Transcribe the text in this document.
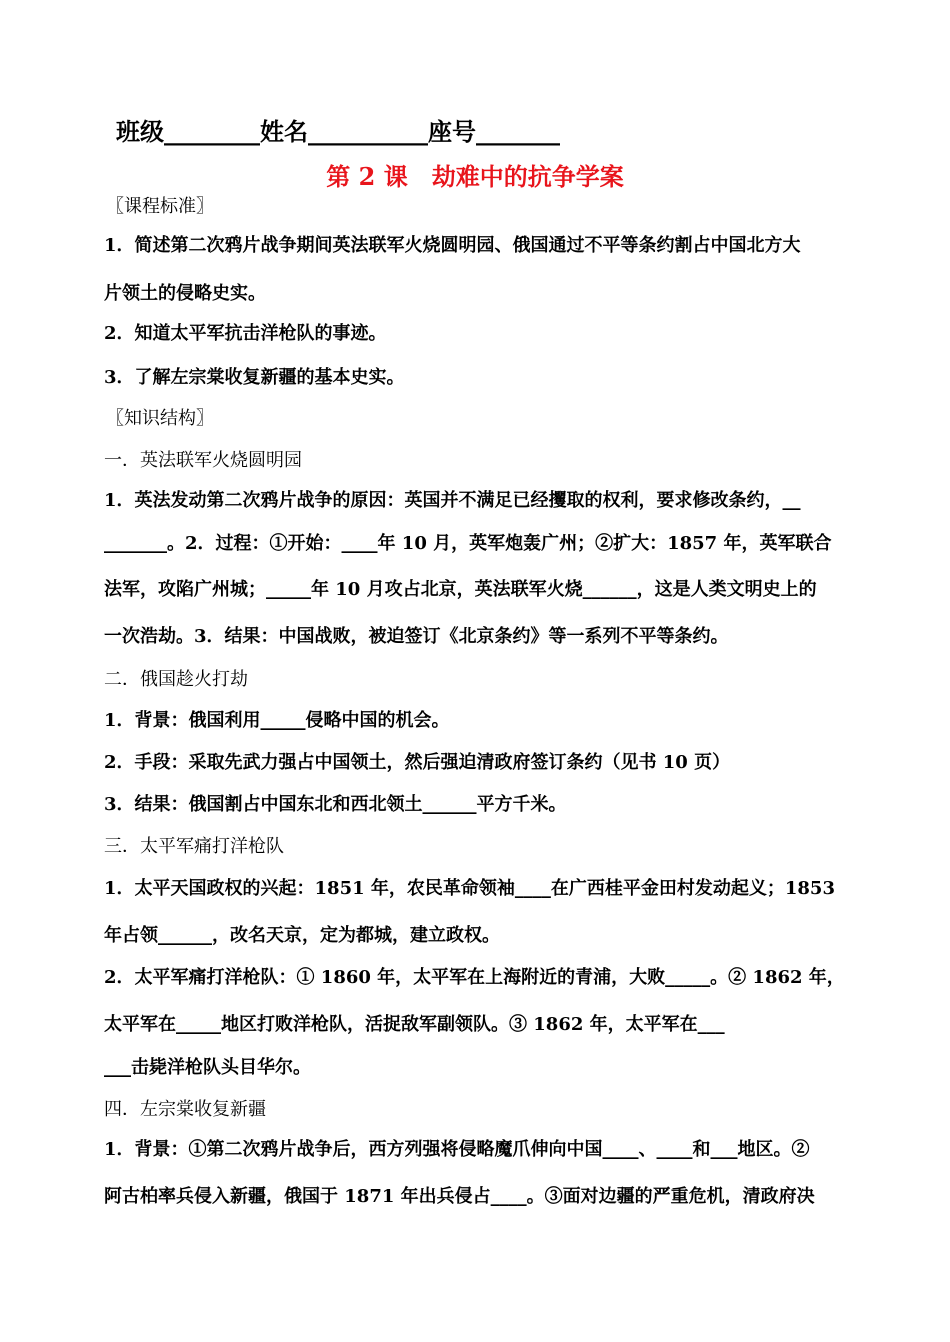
班级________姓名__________座号_______
第 2 课　劫难中的抗争学案
〖课程标准〗
1．简述第二次鸦片战争期间英法联军火烧圆明园、俄国通过不平等条约割占中国北方大
片领土的侵略史实。
2．知道太平军抗击洋枪队的事迹。
3．了解左宗棠收复新疆的基本史实。
〖知识结构〗
一．英法联军火烧圆明园
1．英法发动第二次鸦片战争的原因：英国并不满足已经攫取的权利，要求修改条约，__
_______。2．过程：①开始：____年 10 月，英军炮轰广州；②扩大：1857 年，英军联合
法军，攻陷广州城；_____年 10 月攻占北京，英法联军火烧______，这是人类文明史上的
一次浩劫。3．结果：中国战败，被迫签订《北京条约》等一系列不平等条约。
二．俄国趁火打劫
1．背景：俄国利用_____侵略中国的机会。
2．手段：采取先武力强占中国领土，然后强迫清政府签订条约（见书 10 页）
3．结果：俄国割占中国东北和西北领土______平方千米。
三．太平军痛打洋枪队
1．太平天国政权的兴起：1851 年，农民革命领袖____在广西桂平金田村发动起义；1853
年占领______，改名天京，定为都城，建立政权。
2．太平军痛打洋枪队：① 1860 年，太平军在上海附近的青浦，大败_____。② 1862 年，
太平军在_____地区打败洋枪队，活捉敌军副领队。③ 1862 年，太平军在___
___击毙洋枪队头目华尔。
四．左宗棠收复新疆
1．背景：①第二次鸦片战争后，西方列强将侵略魔爪伸向中国____、____和___地区。②
阿古柏率兵侵入新疆，俄国于 1871 年出兵侵占____。③面对边疆的严重危机，清政府决
